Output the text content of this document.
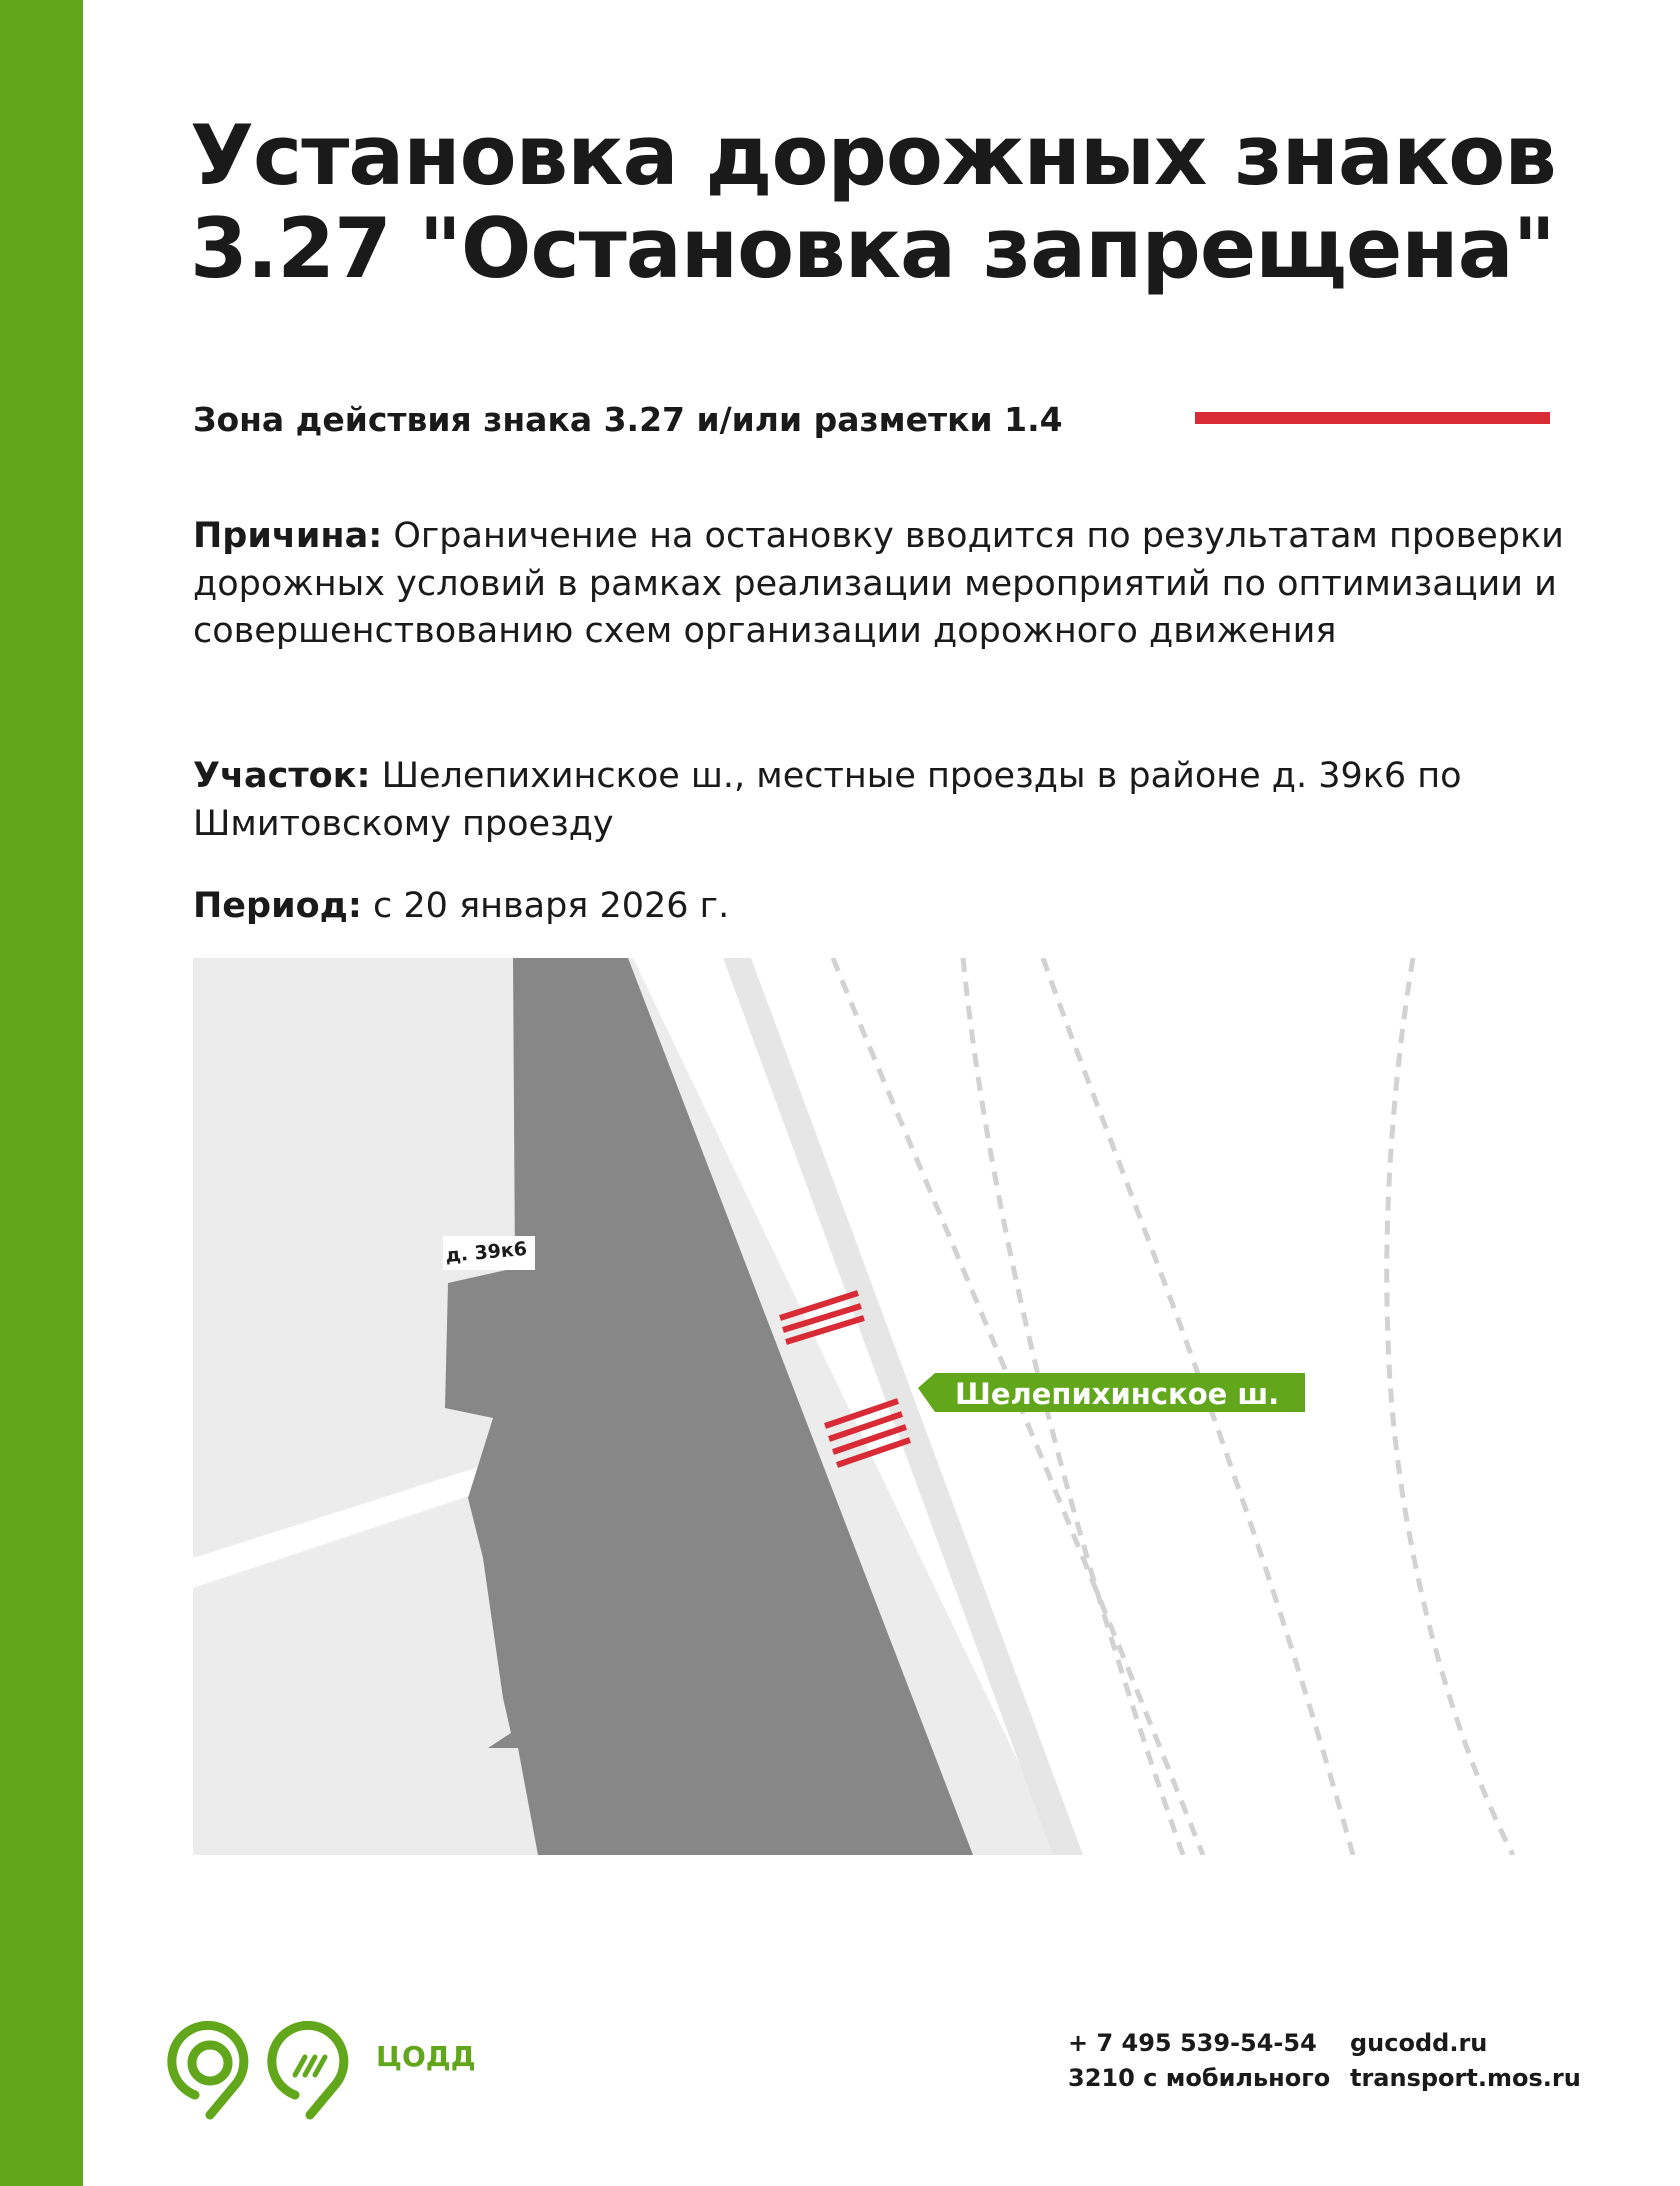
Установка дорожных знаков
3.27 "Остановка запрещена"
Зона действия знака 3.27 и/или разметки 1.4

Причина: Ограничение на остановку вводится по результатам проверки дорожных условий в рамках реализации мероприятий по оптимизации и совершенствованию схем организации дорожного движения

Участок: Шелепихинское ш., местные проезды в районе д. 39к6 по Шмитовскому проезду

Период: с 20 января 2026 г.

д. 39к6
Шелепихинское ш.
ЦОДД	+ 7 495 539-54-54
3210 с мобильного
gucodd.ru
transport.mos.ru
